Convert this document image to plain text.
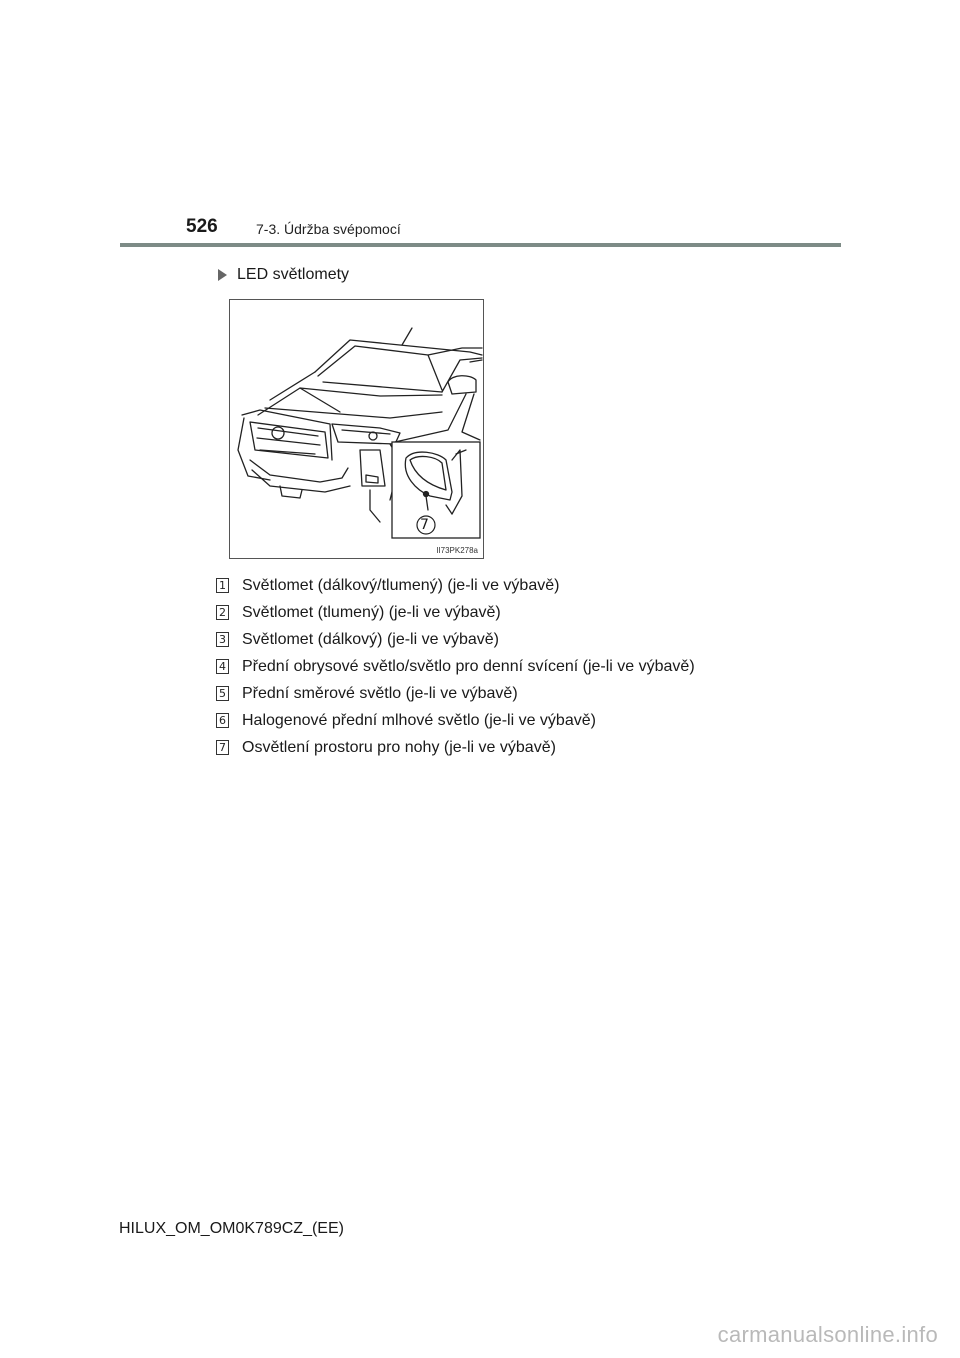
526	7-3. Údržba svépomocí
LED světlomety
7
II73PK278a
1 Světlomet (dálkový/tlumený) (je-li ve výbavě)
2 Světlomet (tlumený) (je-li ve výbavě)
3 Světlomet (dálkový) (je-li ve výbavě)
4 Přední obrysové světlo/světlo pro denní svícení (je-li ve výbavě)
5 Přední směrové světlo (je-li ve výbavě)
6 Halogenové přední mlhové světlo (je-li ve výbavě)
7 Osvětlení prostoru pro nohy (je-li ve výbavě)
HILUX_OM_OM0K789CZ_(EE)
carmanualsonline.info
